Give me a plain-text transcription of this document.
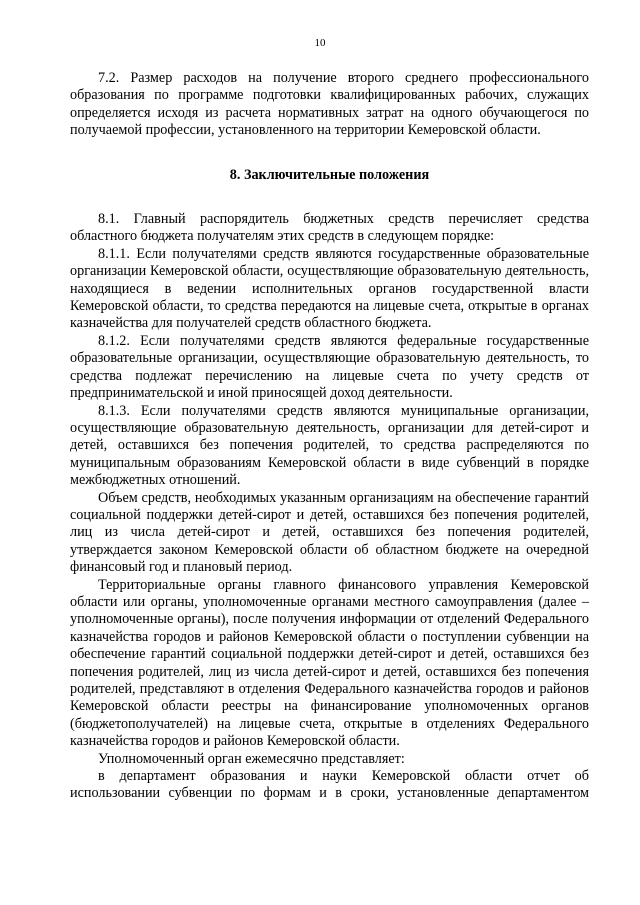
10

7.2. Размер расходов на получение второго среднего профессионального образования по программе подготовки квалифицированных рабочих, служащих определяется исходя из расчета нормативных затрат на одного обучающегося по получаемой профессии, установленного на территории Кемеровской области.

8. Заключительные положения

8.1. Главный распорядитель бюджетных средств перечисляет средства областного бюджета получателям этих средств в следующем порядке:

8.1.1. Если получателями средств являются государственные образовательные организации Кемеровской области, осуществляющие образовательную деятельность, находящиеся в ведении исполнительных органов государственной власти Кемеровской области, то средства передаются на лицевые счета, открытые в органах казначейства для получателей средств областного бюджета.

8.1.2. Если получателями средств являются федеральные государственные образовательные организации, осуществляющие образовательную деятельность, то средства подлежат перечислению на лицевые счета по учету средств от предпринимательской и иной приносящей доход деятельности.

8.1.3. Если получателями средств являются муниципальные организации, осуществляющие образовательную деятельность, организации для детей-сирот и детей, оставшихся без попечения родителей, то средства распределяются по муниципальным образованиям Кемеровской области в виде субвенций в порядке межбюджетных отношений.

Объем средств, необходимых указанным организациям на обеспечение гарантий социальной поддержки детей-сирот и детей, оставшихся без попечения родителей, лиц из числа детей-сирот и детей, оставшихся без попечения родителей, утверждается законом Кемеровской области об областном бюджете на очередной финансовый год и плановый период.

Территориальные органы главного финансового управления Кемеровской области или органы, уполномоченные органами местного самоуправления (далее – уполномоченные органы), после получения информации от отделений Федерального казначейства городов и районов Кемеровской области о поступлении субвенции на обеспечение гарантий социальной поддержки детей-сирот и детей, оставшихся без попечения родителей, лиц из числа детей-сирот и детей, оставшихся без попечения родителей, представляют в отделения Федерального казначейства городов и районов Кемеровской области реестры на финансирование уполномоченных органов (бюджетополучателей) на лицевые счета, открытые в отделениях Федерального казначейства городов и районов Кемеровской области.

Уполномоченный орган ежемесячно представляет:

в департамент образования и науки Кемеровской области отчет об использовании субвенции по формам и в сроки, установленные департаментом
